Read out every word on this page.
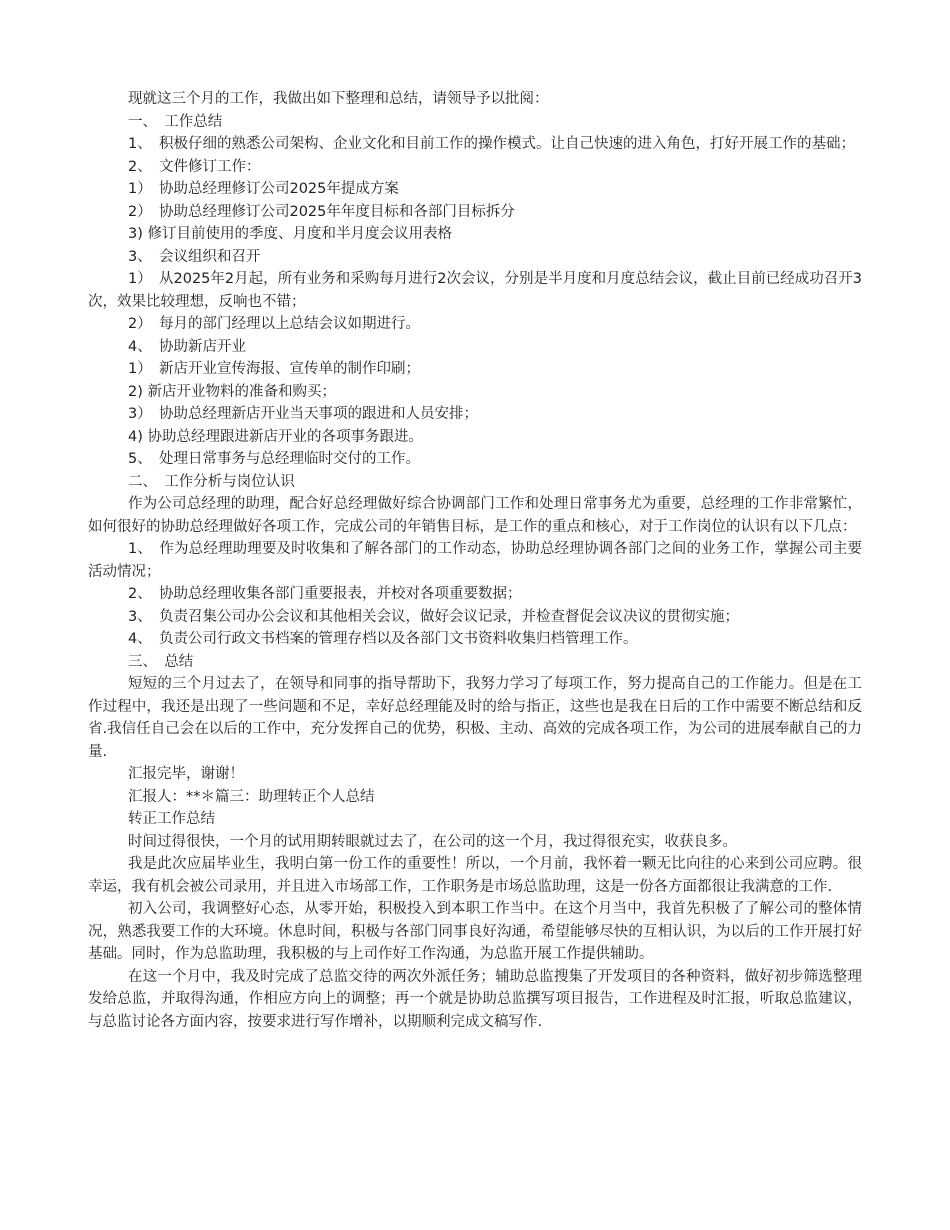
现就这三个月的工作，我做出如下整理和总结，请领导予以批阅：

一、　工作总结

1、　积极仔细的熟悉公司架构、企业文化和目前工作的操作模式。让自己快速的进入角色，打好开展工作的基础；

2、　文件修订工作：

1）　协助总经理修订公司2025年提成方案

2）　协助总经理修订公司2025年年度目标和各部门目标拆分

3) 修订目前使用的季度、月度和半月度会议用表格

3、　会议组织和召开

1）　从2025年2月起，所有业务和采购每月进行2次会议，分别是半月度和月度总结会议，截止目前已经成功召开3次，效果比较理想，反响也不错；

2）　每月的部门经理以上总结会议如期进行。

4、　协助新店开业

1）　新店开业宣传海报、宣传单的制作印刷；

2) 新店开业物料的准备和购买；

3）　协助总经理新店开业当天事项的跟进和人员安排；

4) 协助总经理跟进新店开业的各项事务跟进。

5、　处理日常事务与总经理临时交付的工作。

二、　工作分析与岗位认识

作为公司总经理的助理，配合好总经理做好综合协调部门工作和处理日常事务尤为重要，总经理的工作非常繁忙，如何很好的协助总经理做好各项工作，完成公司的年销售目标，是工作的重点和核心，对于工作岗位的认识有以下几点：

1、　作为总经理助理要及时收集和了解各部门的工作动态，协助总经理协调各部门之间的业务工作，掌握公司主要活动情况；

2、　协助总经理收集各部门重要报表，并校对各项重要数据；

3、　负责召集公司办公会议和其他相关会议，做好会议记录，并检查督促会议决议的贯彻实施；

4、　负责公司行政文书档案的管理存档以及各部门文书资料收集归档管理工作。

三、　总结

短短的三个月过去了，在领导和同事的指导帮助下，我努力学习了每项工作，努力提高自己的工作能力。但是在工作过程中，我还是出现了一些问题和不足，幸好总经理能及时的给与指正，这些也是我在日后的工作中需要不断总结和反省.我信任自己会在以后的工作中，充分发挥自己的优势，积极、主动、高效的完成各项工作，为公司的进展奉献自己的力量.

汇报完毕，谢谢！

汇报人：**＊篇三：助理转正个人总结

转正工作总结

时间过得很快，一个月的试用期转眼就过去了，在公司的这一个月，我过得很充实，收获良多。

我是此次应届毕业生，我明白第一份工作的重要性！所以，一个月前，我怀着一颗无比向往的心来到公司应聘。很幸运，我有机会被公司录用，并且进入市场部工作，工作职务是市场总监助理，这是一份各方面都很让我满意的工作.

初入公司，我调整好心态，从零开始，积极投入到本职工作当中。在这个月当中，我首先积极了了解公司的整体情况，熟悉我要工作的大环境。休息时间，积极与各部门同事良好沟通，希望能够尽快的互相认识，为以后的工作开展打好基础。同时，作为总监助理，我积极的与上司作好工作沟通，为总监开展工作提供辅助。

在这一个月中，我及时完成了总监交待的两次外派任务；辅助总监搜集了开发项目的各种资料，做好初步筛选整理发给总监，并取得沟通，作相应方向上的调整；再一个就是协助总监撰写项目报告，工作进程及时汇报，听取总监建议，与总监讨论各方面内容，按要求进行写作增补，以期顺利完成文稿写作.
